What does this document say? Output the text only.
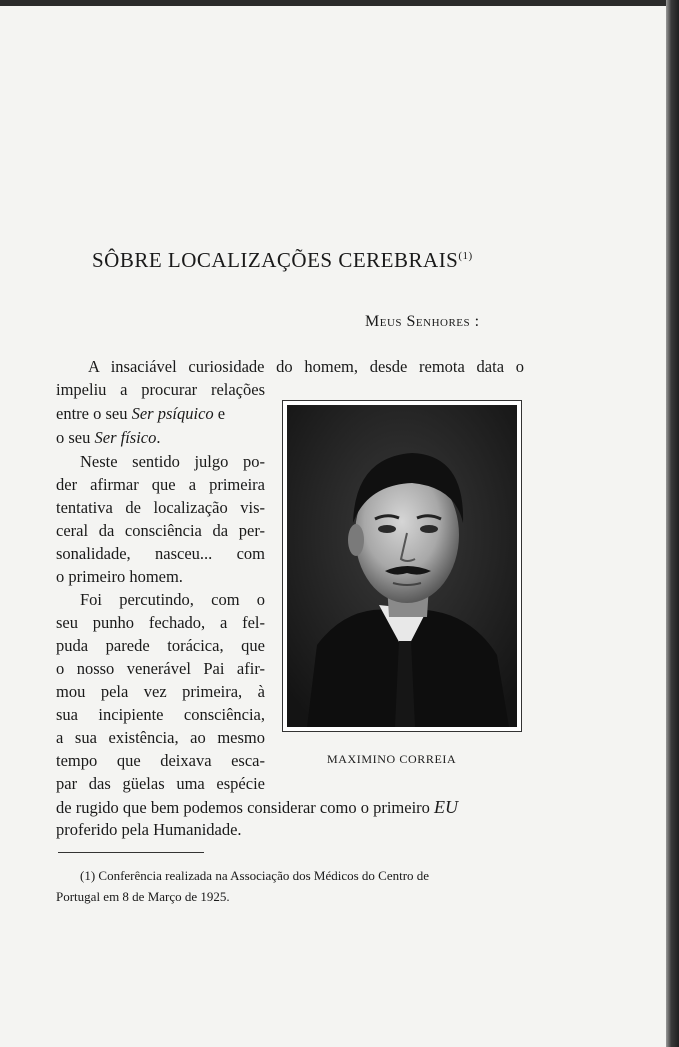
SÔBRE LOCALIZAÇÕES CEREBRAIS$^{(1)}$
Meus Senhores :
A insaciável curiosidade do homem, desde remota data o
impeliu a procurar relações
entre o seu Ser psíquico e
o seu Ser físico.
Neste sentido julgo po-
der afirmar que a primeira
tentativa de localização vis-
ceral da consciência da per-
sonalidade, nasceu... com
o primeiro homem.
Foi percutindo, com o
seu punho fechado, a fel-
puda parede torácica, que
o nosso venerável Pai afir-
mou pela vez primeira, à
sua incipiente consciência,
a sua existência, ao mesmo
tempo que deixava esca-
par das güelas uma espécie
de rugido que bem podemos considerar como o primeiro EU
proferido pela Humanidade.
MAXIMINO CORREIA
(1) Conferência realizada na Associação dos Médicos do Centro de
Portugal em 8 de Março de 1925.
